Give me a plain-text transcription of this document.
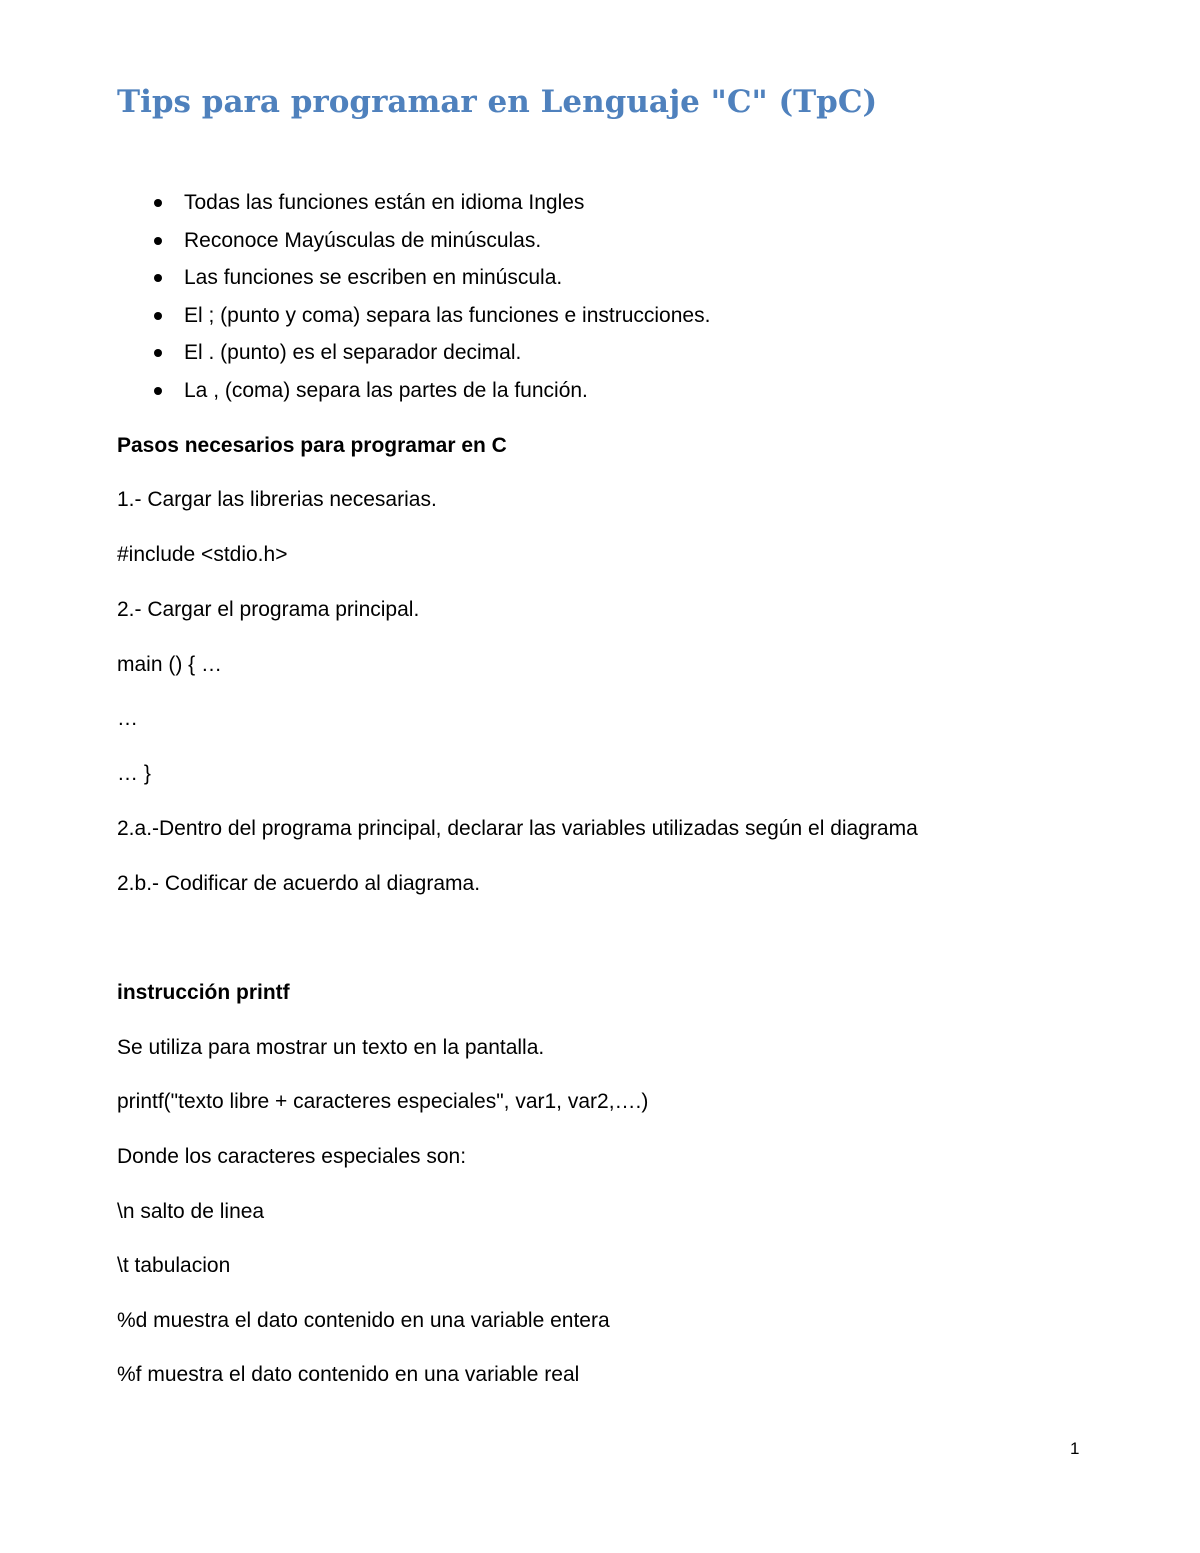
Tips para programar en Lenguaje "C" (TpC)
Todas las funciones están en idioma Ingles
Reconoce Mayúsculas de minúsculas.
Las funciones se escriben en minúscula.
El ; (punto y coma) separa las funciones e instrucciones.
El . (punto) es el separador decimal.
La , (coma) separa las partes de la función.

Pasos necesarios para programar en C

1.- Cargar las librerias necesarias.

#include <stdio.h>

2.- Cargar el programa principal.

main () { …

…

… }

2.a.-Dentro del programa principal, declarar las variables utilizadas según el diagrama

2.b.- Codificar de acuerdo al diagrama.

instrucción printf

Se utiliza para mostrar un texto en la pantalla.

printf("texto libre + caracteres especiales", var1, var2,….)

Donde los caracteres especiales son:

\n salto de linea

\t tabulacion

%d muestra el dato contenido en una variable entera

%f muestra el dato contenido en una variable real

1
